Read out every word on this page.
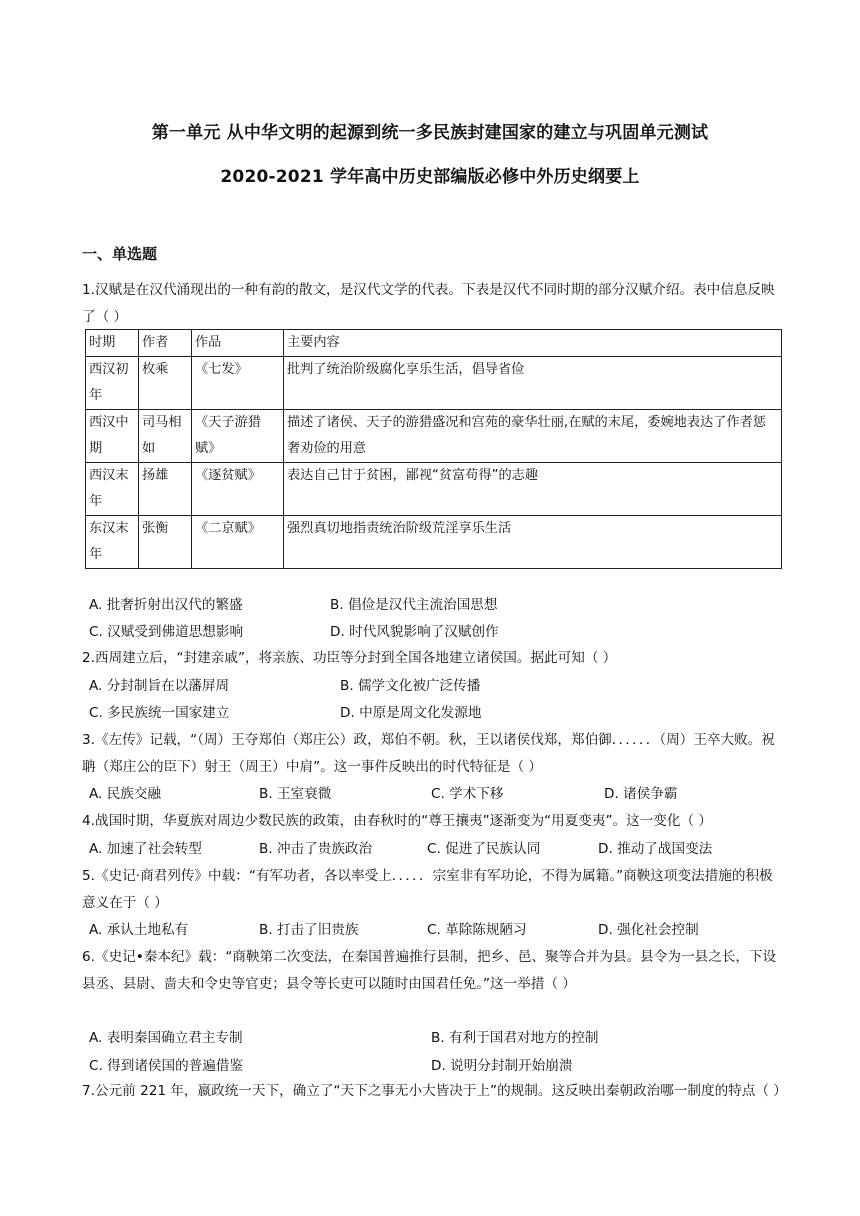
第一单元 从中华文明的起源到统一多民族封建国家的建立与巩固单元测试
2020-2021 学年高中历史部编版必修中外历史纲要上
一、单选题
1.汉赋是在汉代涌现出的一种有韵的散文，是汉代文学的代表。下表是汉代不同时期的部分汉赋介绍。表中信息反映了（ ）
时期	作者	作品	主要内容
西汉初年	枚乘	《七发》	批判了统治阶级腐化享乐生活，倡导省俭
西汉中期	司马相如	《天子游猎赋》	描述了诸侯、天子的游猎盛况和宫苑的豪华壮丽,在赋的末尾，委婉地表达了作者惩奢劝俭的用意
西汉末年	扬雄	《逐贫赋》	表达自己甘于贫困，鄙视“贫富苟得”的志趣
东汉末年	张衡	《二京赋》	强烈真切地指责统治阶级荒淫享乐生活
A. 批奢折射出汉代的繁盛	B. 倡俭是汉代主流治国思想
C. 汉赋受到佛道思想影响	D. 时代风貌影响了汉赋创作
2.西周建立后，“封建亲戚”，将亲族、功臣等分封到全国各地建立诸侯国。据此可知（ ）
A. 分封制旨在以藩屏周	B. 儒学文化被广泛传播
C. 多民族统一国家建立	D. 中原是周文化发源地
3.《左传》记载，“（周）王夺郑伯（郑庄公）政，郑伯不朝。秋，王以诸侯伐郑，郑伯御．．．．．．（周）王卒大败。祝聃（郑庄公的臣下）射王（周王）中肩”。这一事件反映出的时代特征是（ ）
A. 民族交融	B. 王室衰微	C. 学术下移	D. 诸侯争霸
4.战国时期，华夏族对周边少数民族的政策，由春秋时的“尊王攘夷”逐渐变为“用夏变夷”。这一变化（ ）
A. 加速了社会转型	B. 冲击了贵族政治	C. 促进了民族认同	D. 推动了战国变法
5.《史记·商君列传》中载：“有军功者，各以率受上．．．．．宗室非有军功论，不得为属籍。”商鞅这项变法措施的积极意义在于（ ）
A. 承认土地私有	B. 打击了旧贵族	C. 革除陈规陋习	D. 强化社会控制
6.《史记•秦本纪》载：“商鞅第二次变法，在秦国普遍推行县制，把乡、邑、聚等合并为县。县令为一县之长，下设县丞、县尉、啬夫和令史等官吏；县令等长吏可以随时由国君任免。”这一举措（ ）
A. 表明秦国确立君主专制	B. 有利于国君对地方的控制
C. 得到诸侯国的普遍借鉴	D. 说明分封制开始崩溃
7.公元前 221 年，嬴政统一天下，确立了“天下之事无小大皆决于上”的规制。这反映出秦朝政治哪一制度的特点（ ）
